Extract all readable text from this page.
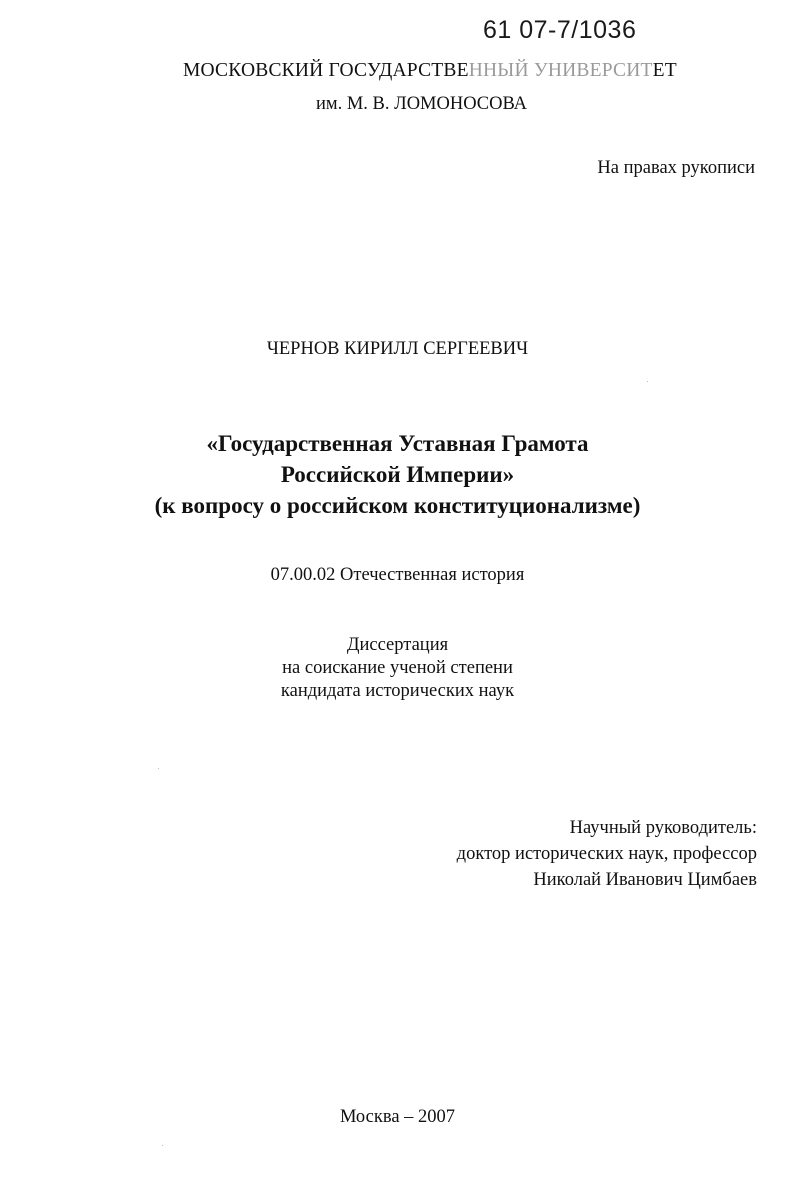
61 07-7/1036
МОСКОВСКИЙ ГОСУДАРСТВЕННЫЙ УНИВЕРСИТЕТ
им. М. В. ЛОМОНОСОВА
На правах рукописи
ЧЕРНОВ КИРИЛЛ СЕРГЕЕВИЧ
«Государственная Уставная Грамота
Российской Империи»
(к вопросу о российском конституционализме)
07.00.02 Отечественная история
Диссертация
на соискание ученой степени
кандидата исторических наук
Научный руководитель:
доктор исторических наук, профессор
Николай Иванович Цимбаев
Москва – 2007
